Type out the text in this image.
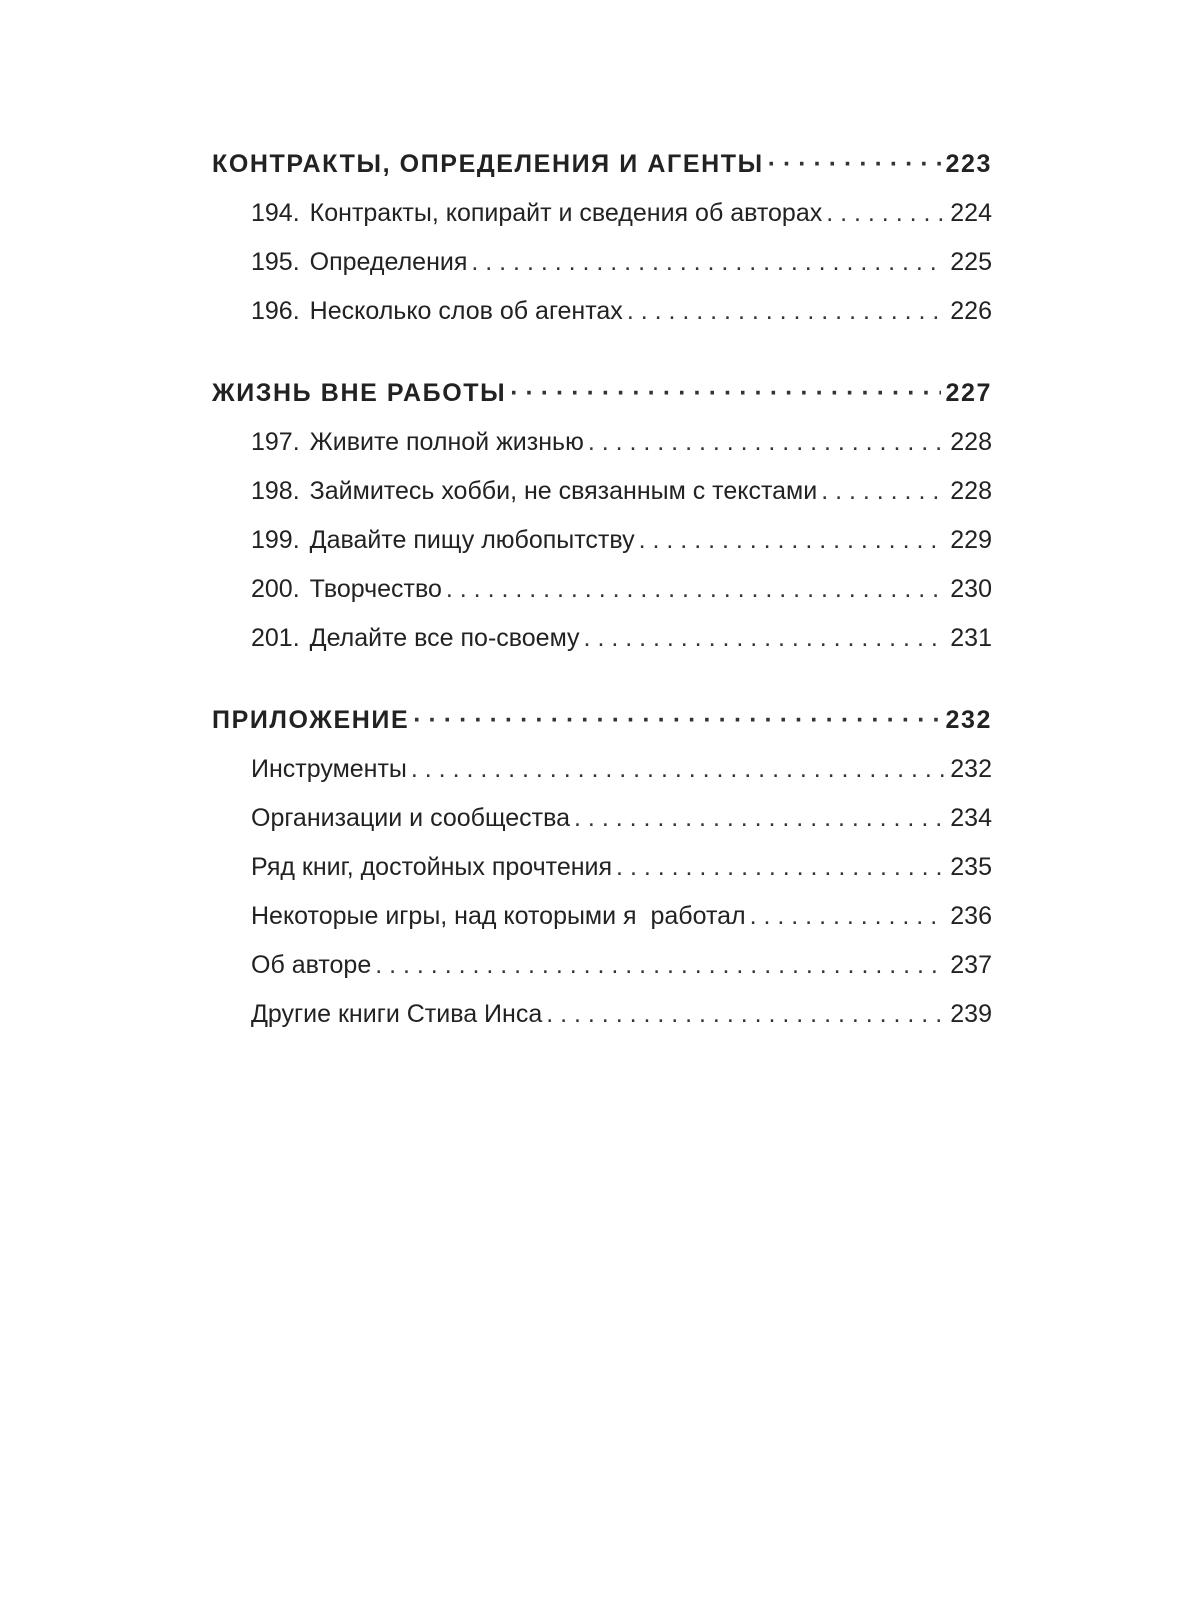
КОНТРАКТЫ, ОПРЕДЕЛЕНИЯ И АГЕНТЫ · · ·	223
194. Контракты, копирайт и сведения об авторах . . .	224
195. Определения . . .	225
196. Несколько слов об агентах . . .	226
ЖИЗНЬ ВНЕ РАБОТЫ · · ·	227
197. Живите полной жизнью . . .	228
198. Займитесь хобби, не связанным с текстами . . .	228
199. Давайте пищу любопытству . . .	229
200. Творчество . . .	230
201. Делайте все по-своему . . .	231
ПРИЛОЖЕНИЕ · · ·	232
Инструменты . . .	232
Организации и сообщества . . .	234
Ряд книг, достойных прочтения . . .	235
Некоторые игры, над которыми я  работал . . .	236
Об авторе . . .	237
Другие книги Стива Инса . . .	239
